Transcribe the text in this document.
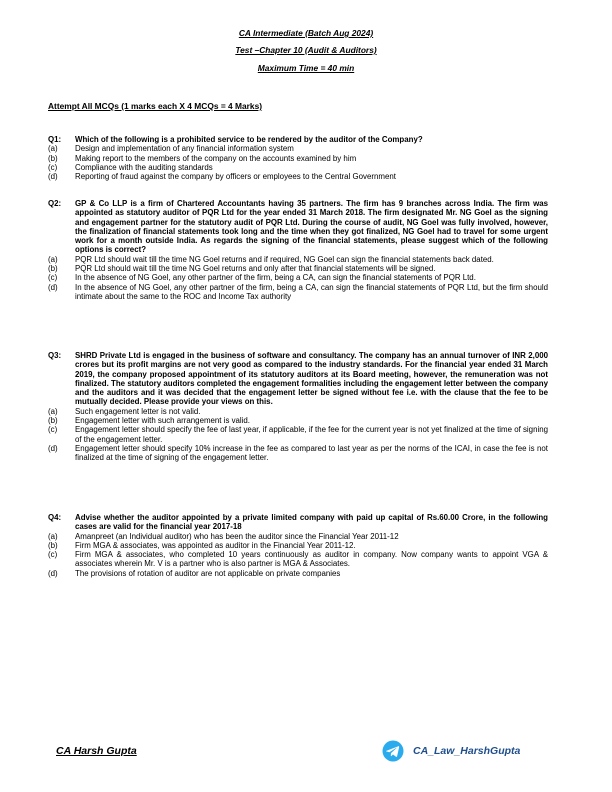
CA Intermediate (Batch Aug 2024)
Test –Chapter 10 (Audit & Auditors)
Maximum Time = 40 min
Attempt All MCQs (1 marks each X 4 MCQs = 4 Marks)
Q1:	Which of the following is a prohibited service to be rendered by the auditor of the Company?
(a)	Design and implementation of any financial information system
(b)	Making report to the members of the company on the accounts examined by him
(c)	Compliance with the auditing standards
(d)	Reporting of fraud against the company by officers or employees to the Central Government
Q2:	GP & Co LLP is a firm of Chartered Accountants having 35 partners. The firm has 9 branches across India. The firm was appointed as statutory auditor of PQR Ltd for the year ended 31 March 2018. The firm designated Mr. NG Goel as the signing and engagement partner for the statutory audit of PQR Ltd. During the course of audit, NG Goel was fully involved, however, the finalization of financial statements took long and the time when they got finalized, NG Goel had to travel for some urgent work for a month outside India. As regards the signing of the financial statements, please suggest which of the following options is correct?
(a)	PQR Ltd should wait till the time NG Goel returns and if required, NG Goel can sign the financial statements back dated.
(b)	PQR Ltd should wait till the time NG Goel returns and only after that financial statements will be signed.
(c)	In the absence of NG Goel, any other partner of the firm, being a CA, can sign the financial statements of PQR Ltd.
(d)	In the absence of NG Goel, any other partner of the firm, being a CA, can sign the financial statements of PQR Ltd, but the firm should intimate about the same to the ROC and Income Tax authority
Q3:	SHRD Private Ltd is engaged in the business of software and consultancy. The company has an annual turnover of INR 2,000 crores but its profit margins are not very good as compared to the industry standards. For the financial year ended 31 March 2019, the company proposed appointment of its statutory auditors at its Board meeting, however, the remuneration was not finalized. The statutory auditors completed the engagement formalities including the engagement letter between the company and the auditors and it was decided that the engagement letter be signed without fee i.e. with the clause that the fee to be mutually decided. Please provide your views on this.
(a)	Such engagement letter is not valid.
(b)	Engagement letter with such arrangement is valid.
(c)	Engagement letter should specify the fee of last year, if applicable, if the fee for the current year is not yet finalized at the time of signing of the engagement letter.
(d)	Engagement letter should specify 10% increase in the fee as compared to last year as per the norms of the ICAI, in case the fee is not finalized at the time of signing of the engagement letter.
Q4:	Advise whether the auditor appointed by a private limited company with paid up capital of Rs.60.00 Crore, in the following cases are valid for the financial year 2017-18
(a)	Amanpreet (an Individual auditor) who has been the auditor since the Financial Year 2011-12
(b)	Firm MGA & associates, was appointed as auditor in the Financial Year 2011-12.
(c)	Firm MGA & associates, who completed 10 years continuously as auditor in company. Now company wants to appoint VGA & associates wherein Mr. V is a partner who is also partner is MGA & Associates.
(d)	The provisions of rotation of auditor are not applicable on private companies
CA Harsh Gupta	CA_Law_HarshGupta
